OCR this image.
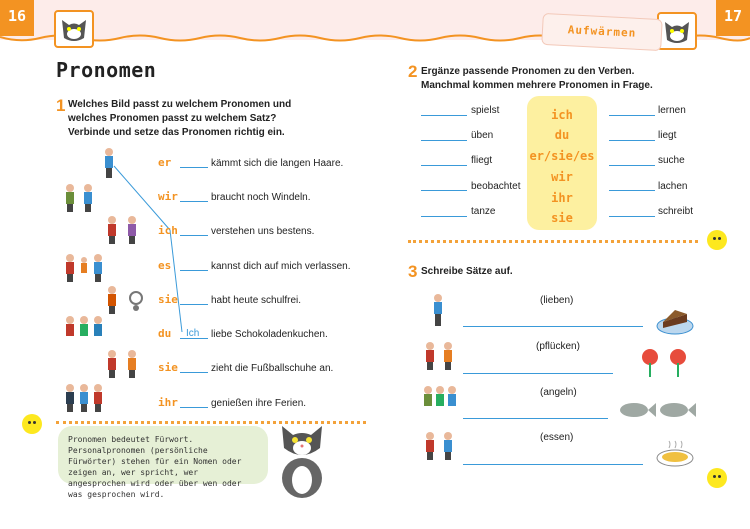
16	17
Aufwärmen
Pronomen
1 Welches Bild passt zu welchem Pronomen und
welches Pronomen passt zu welchem Satz?
Verbinde und setze das Pronomen richtig ein.
er	kämmt sich die langen Haare.
wir	braucht noch Windeln.
ich	verstehen uns bestens.
es	kannst dich auf mich verlassen.
sie	habt heute schulfrei.
du Ich liebe Schokoladenkuchen.
sie	zieht die Fußballschuhe an.
ihr	genießen ihre Ferien.
Pronomen bedeutet Fürwort. Personalpronomen (persönliche Fürwörter) stehen für ein Nomen oder zeigen an, wer spricht, wer angesprochen wird oder über wen oder was gesprochen wird.
2 Ergänze passende Pronomen zu den Verben.
Manchmal kommen mehrere Pronomen in Frage.
ich
du
er/sie/es
wir
ihr
sie
spielst
üben
fliegt
beobachtet
tanze
lernen
liegt
suche
lachen
schreibt
3 Schreibe Sätze auf.
(lieben)
(pflücken)
(angeln)
(essen)
